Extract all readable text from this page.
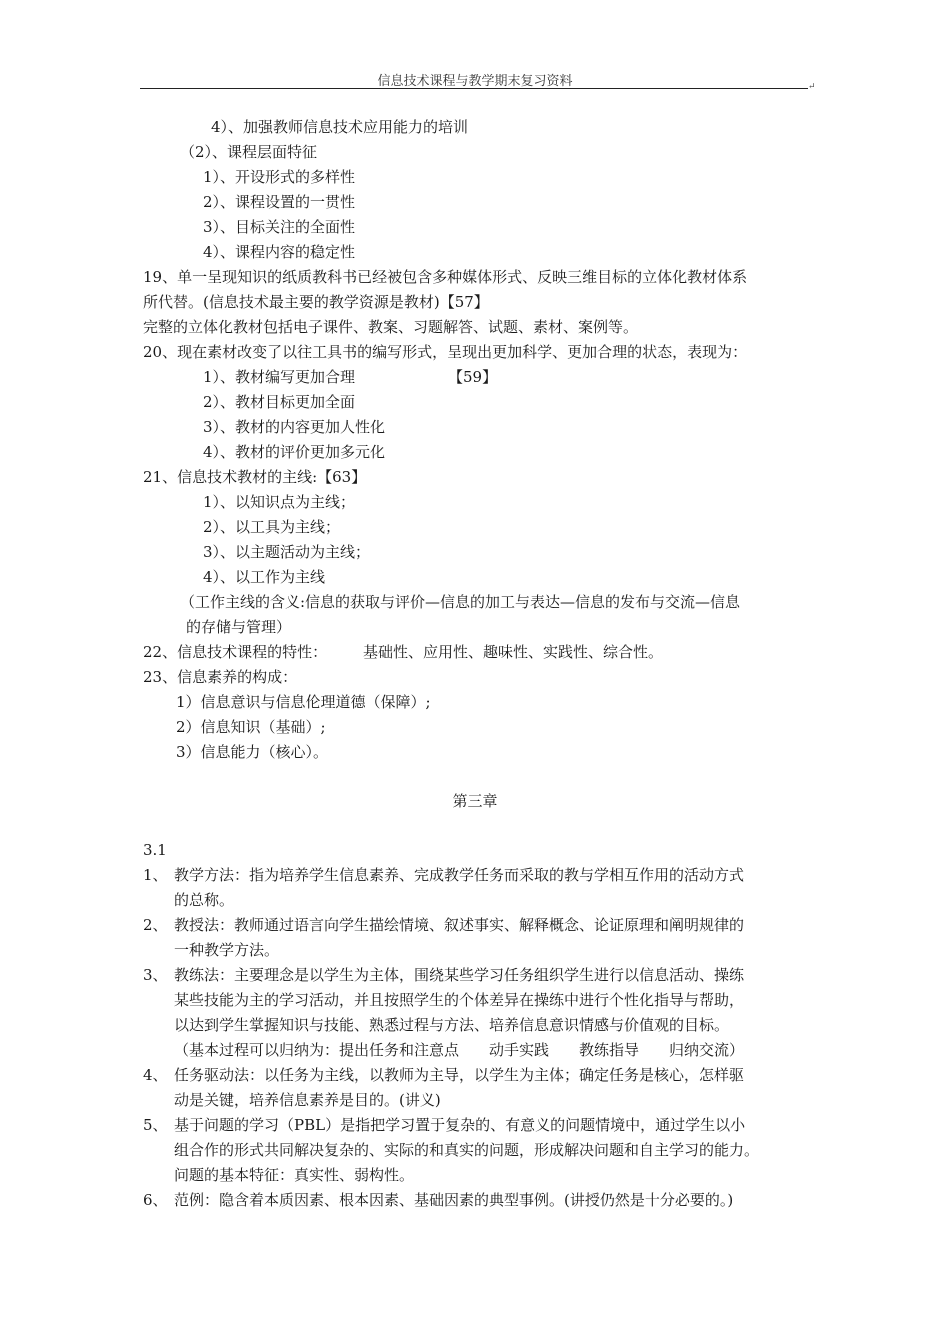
信息技术课程与教学期末复习资料	↵
4）、加强教师信息技术应用能力的培训
（2）、课程层面特征
1）、开设形式的多样性
2）、课程设置的一贯性
3）、目标关注的全面性
4）、课程内容的稳定性
19、单一呈现知识的纸质教科书已经被包含多种媒体形式、反映三维目标的立体化教材体系
所代替。(信息技术最主要的教学资源是教材)【57】
完整的立体化教材包括电子课件、教案、习题解答、试题、素材、案例等。
20、现在素材改变了以往工具书的编写形式，呈现出更加科学、更加合理的状态，表现为：
1）、教材编写更加合理	【59】
2）、教材目标更加全面
3）、教材的内容更加人性化
4）、教材的评价更加多元化
21、信息技术教材的主线:【63】
1）、以知识点为主线；
2）、以工具为主线；
3）、以主题活动为主线；
4）、以工作为主线
（工作主线的含义:信息的获取与评价—信息的加工与表达—信息的发布与交流—信息
的存储与管理）
22、信息技术课程的特性： 基础性、应用性、趣味性、实践性、综合性。
23、信息素养的构成：
1）信息意识与信息伦理道德（保障）;
2）信息知识（基础）;
3）信息能力（核心）。
第三章
3.1
1、 教学方法：指为培养学生信息素养、完成教学任务而采取的教与学相互作用的活动方式
的总称。
2、 教授法：教师通过语言向学生描绘情境、叙述事实、解释概念、论证原理和阐明规律的
一种教学方法。
3、 教练法：主要理念是以学生为主体，围绕某些学习任务组织学生进行以信息活动、操练
某些技能为主的学习活动，并且按照学生的个体差异在操练中进行个性化指导与帮助，
以达到学生掌握知识与技能、熟悉过程与方法、培养信息意识情感与价值观的目标。
（基本过程可以归纳为：提出任务和注意点　　动手实践　　教练指导　　归纳交流）
4、 任务驱动法：以任务为主线，以教师为主导，以学生为主体；确定任务是核心，怎样驱
动是关键，培养信息素养是目的。(讲义)
5、 基于问题的学习（PBL）是指把学习置于复杂的、有意义的问题情境中，通过学生以小
组合作的形式共同解决复杂的、实际的和真实的问题，形成解决问题和自主学习的能力。
问题的基本特征：真实性、弱构性。
6、 范例：隐含着本质因素、根本因素、基础因素的典型事例。(讲授仍然是十分必要的。)
